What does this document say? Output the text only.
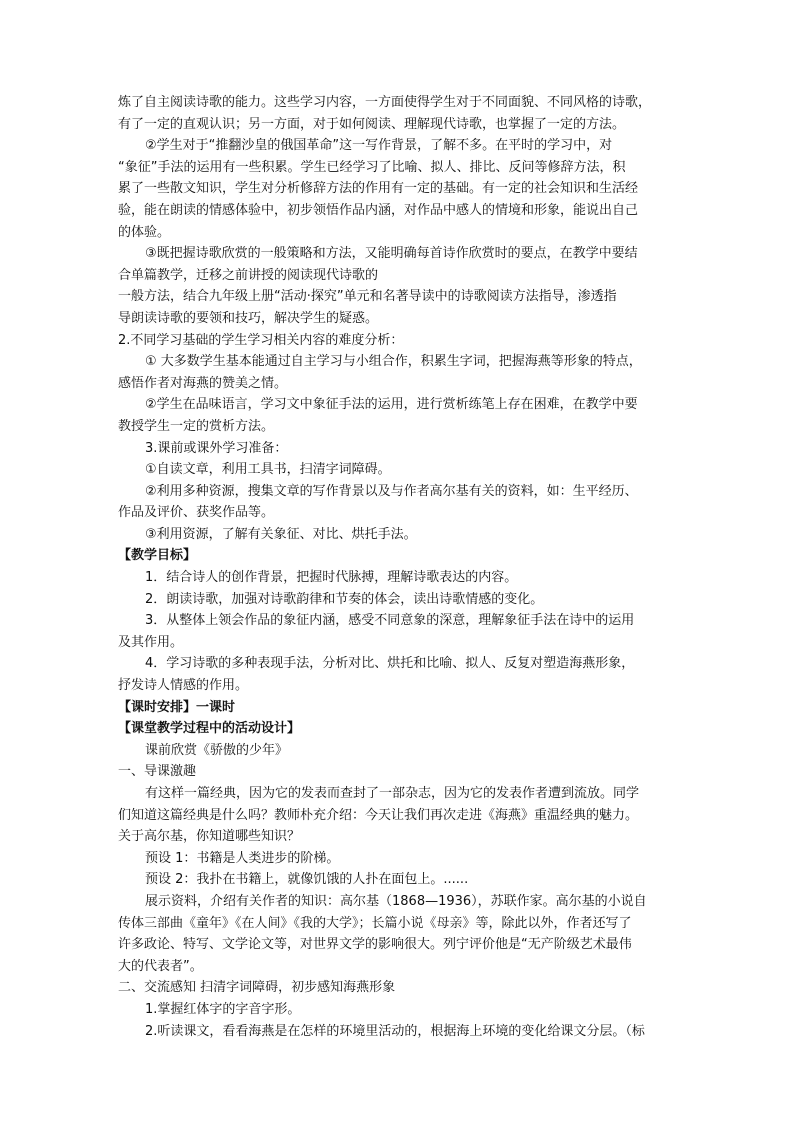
炼了自主阅读诗歌的能力。这些学习内容，一方面使得学生对于不同面貌、不同风格的诗歌，
有了一定的直观认识；另一方面，对于如何阅读、理解现代诗歌，也掌握了一定的方法。
②学生对于“推翻沙皇的俄国革命”这一写作背景，了解不多。在平时的学习中，对
“象征”手法的运用有一些积累。学生已经学习了比喻、拟人、排比、反问等修辞方法，积
累了一些散文知识，学生对分析修辞方法的作用有一定的基础。有一定的社会知识和生活经
验，能在朗读的情感体验中，初步领悟作品内涵，对作品中感人的情境和形象，能说出自己
的体验。
③既把握诗歌欣赏的一般策略和方法，又能明确每首诗作欣赏时的要点，在教学中要结
合单篇教学，迁移之前讲授的阅读现代诗歌的
一般方法，结合九年级上册“活动·探究”单元和名著导读中的诗歌阅读方法指导，渗透指
导朗读诗歌的要领和技巧，解决学生的疑惑。
2.不同学习基础的学生学习相关内容的难度分析：
① 大多数学生基本能通过自主学习与小组合作，积累生字词，把握海燕等形象的特点，
感悟作者对海燕的赞美之情。
②学生在品味语言，学习文中象征手法的运用，进行赏析练笔上存在困难，在教学中要
教授学生一定的赏析方法。
3.课前或课外学习准备：
①自读文章，利用工具书，扫清字词障碍。
②利用多种资源，搜集文章的写作背景以及与作者高尔基有关的资料，如：生平经历、
作品及评价、获奖作品等。
③利用资源，了解有关象征、对比、烘托手法。
【教学目标】
1．结合诗人的创作背景，把握时代脉搏，理解诗歌表达的内容。
2．朗读诗歌，加强对诗歌韵律和节奏的体会，读出诗歌情感的变化。
3．从整体上领会作品的象征内涵，感受不同意象的深意，理解象征手法在诗中的运用
及其作用。
4．学习诗歌的多种表现手法，分析对比、烘托和比喻、拟人、反复对塑造海燕形象，
抒发诗人情感的作用。
【课时安排】一课时
【课堂教学过程中的活动设计】
课前欣赏《骄傲的少年》
一、导课激趣
有这样一篇经典，因为它的发表而查封了一部杂志，因为它的发表作者遭到流放。同学
们知道这篇经典是什么吗？教师朴充介绍：今天让我们再次走进《海燕》重温经典的魅力。
关于高尔基，你知道哪些知识？
预设 1：书籍是人类进步的阶梯。
预设 2：我扑在书籍上，就像饥饿的人扑在面包上。......
展示资料，介绍有关作者的知识：高尔基（1868—1936），苏联作家。高尔基的小说自
传体三部曲《童年》《在人间》《我的大学》；长篇小说《母亲》等，除此以外，作者还写了
许多政论、特写、文学论文等，对世界文学的影响很大。列宁评价他是“无产阶级艺术最伟
大的代表者”。
二、交流感知 扫清字词障碍，初步感知海燕形象
1.掌握红体字的字音字形。
2.听读课文，看看海燕是在怎样的环境里活动的，根据海上环境的变化给课文分层。（标
